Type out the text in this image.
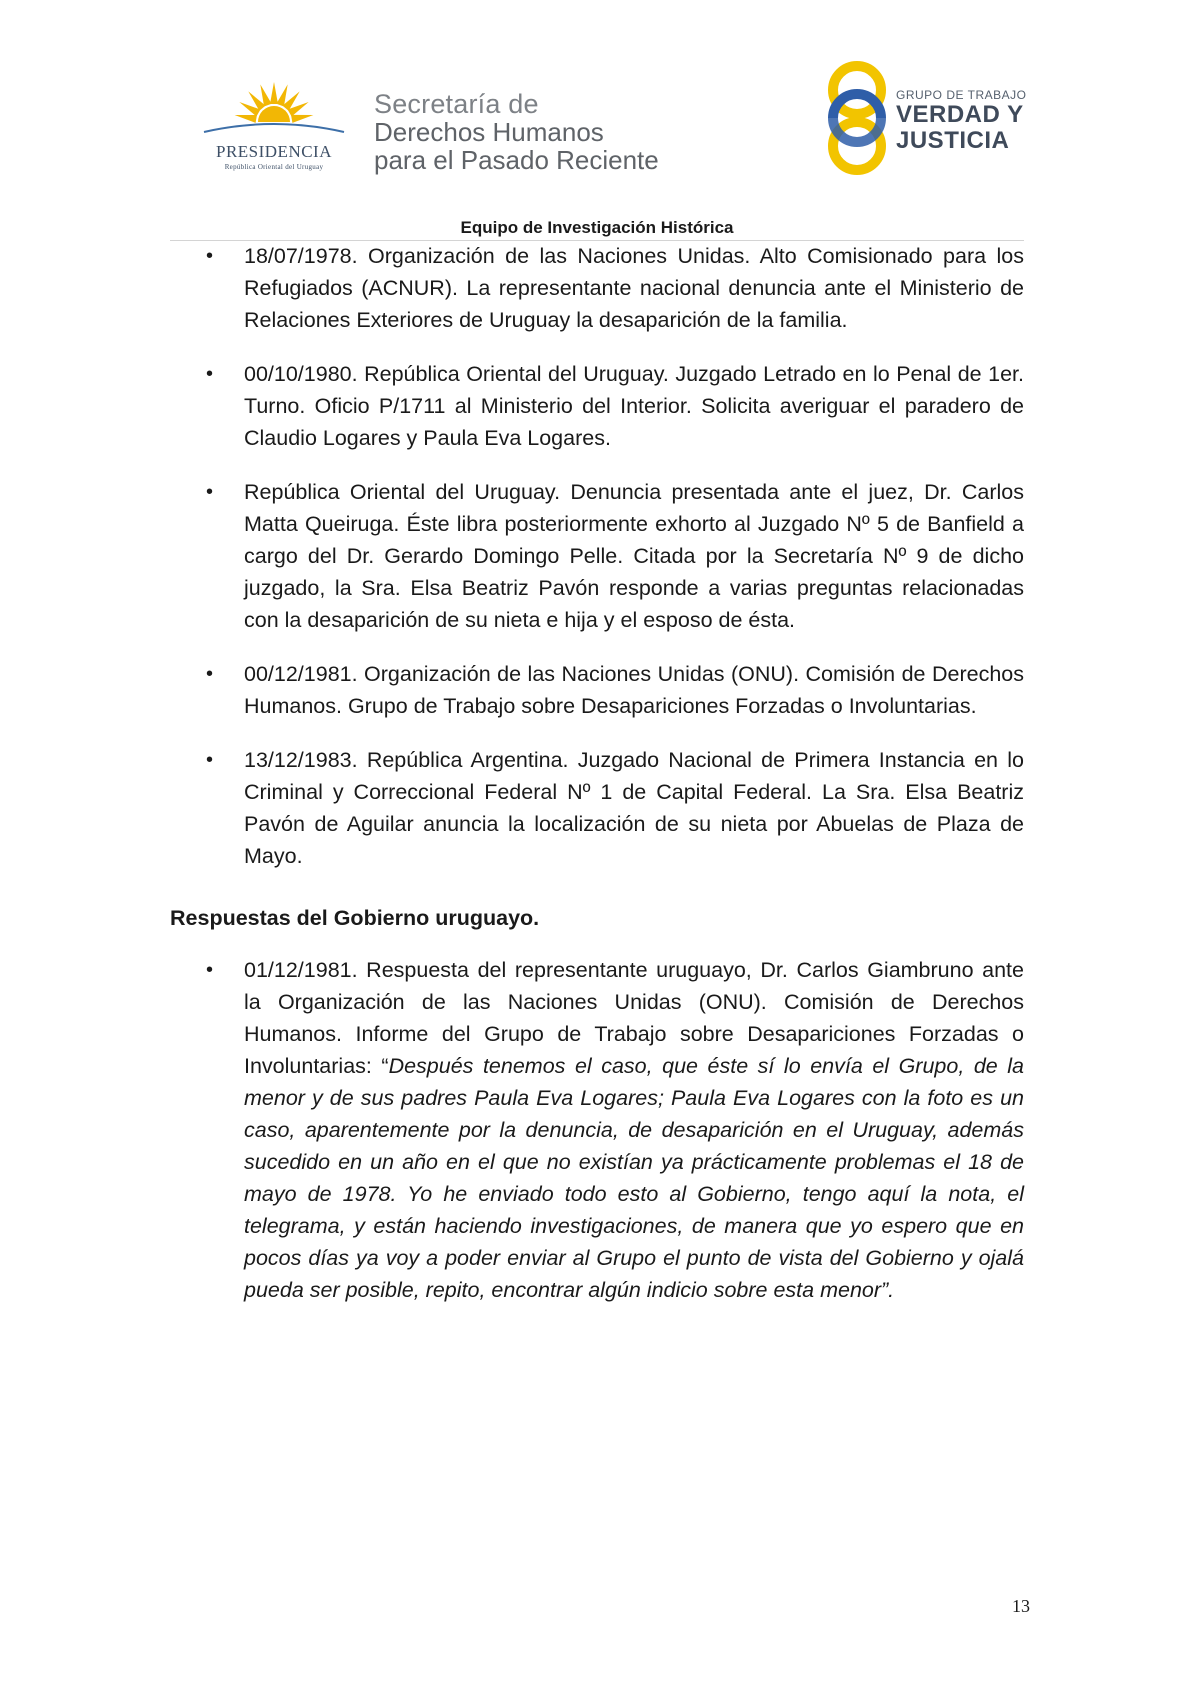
PRESIDENCIA
República Oriental del Uruguay
Secretaría de
Derechos Humanos
para el Pasado Reciente
GRUPO DE TRABAJO
VERDAD Y
JUSTICIA
Equipo de Investigación Histórica
• 18/07/1978. Organización de las Naciones Unidas. Alto Comisionado para los Refugiados (ACNUR). La representante nacional denuncia ante el Ministerio de Relaciones Exteriores de Uruguay la desaparición de la familia.
• 00/10/1980. República Oriental del Uruguay. Juzgado Letrado en lo Penal de 1er. Turno. Oficio P/1711 al Ministerio del Interior. Solicita averiguar el paradero de Claudio Logares y Paula Eva Logares.
• República Oriental del Uruguay. Denuncia presentada ante el juez, Dr. Carlos Matta Queiruga. Éste libra posteriormente exhorto al Juzgado Nº 5 de Banfield a cargo del Dr. Gerardo Domingo Pelle. Citada por la Secretaría Nº 9 de dicho juzgado, la Sra. Elsa Beatriz Pavón responde a varias preguntas relacionadas con la desaparición de su nieta e hija y el esposo de ésta.
• 00/12/1981. Organización de las Naciones Unidas (ONU). Comisión de Derechos Humanos. Grupo de Trabajo sobre Desapariciones Forzadas o Involuntarias.
• 13/12/1983. República Argentina. Juzgado Nacional de Primera Instancia en lo Criminal y Correccional Federal Nº 1 de Capital Federal. La Sra. Elsa Beatriz Pavón de Aguilar anuncia la localización de su nieta por Abuelas de Plaza de Mayo.
Respuestas del Gobierno uruguayo.
• 01/12/1981. Respuesta del representante uruguayo, Dr. Carlos Giambruno ante la Organización de las Naciones Unidas (ONU). Comisión de Derechos Humanos. Informe del Grupo de Trabajo sobre Desapariciones Forzadas o Involuntarias: “Después tenemos el caso, que éste sí lo envía el Grupo, de la menor y de sus padres Paula Eva Logares; Paula Eva Logares con la foto es un caso, aparentemente por la denuncia, de desaparición en el Uruguay, además sucedido en un año en el que no existían ya prácticamente problemas el 18 de mayo de 1978. Yo he enviado todo esto al Gobierno, tengo aquí la nota, el telegrama, y están haciendo investigaciones, de manera que yo espero que en pocos días ya voy a poder enviar al Grupo el punto de vista del Gobierno y ojalá pueda ser posible, repito, encontrar algún indicio sobre esta menor”.
13
